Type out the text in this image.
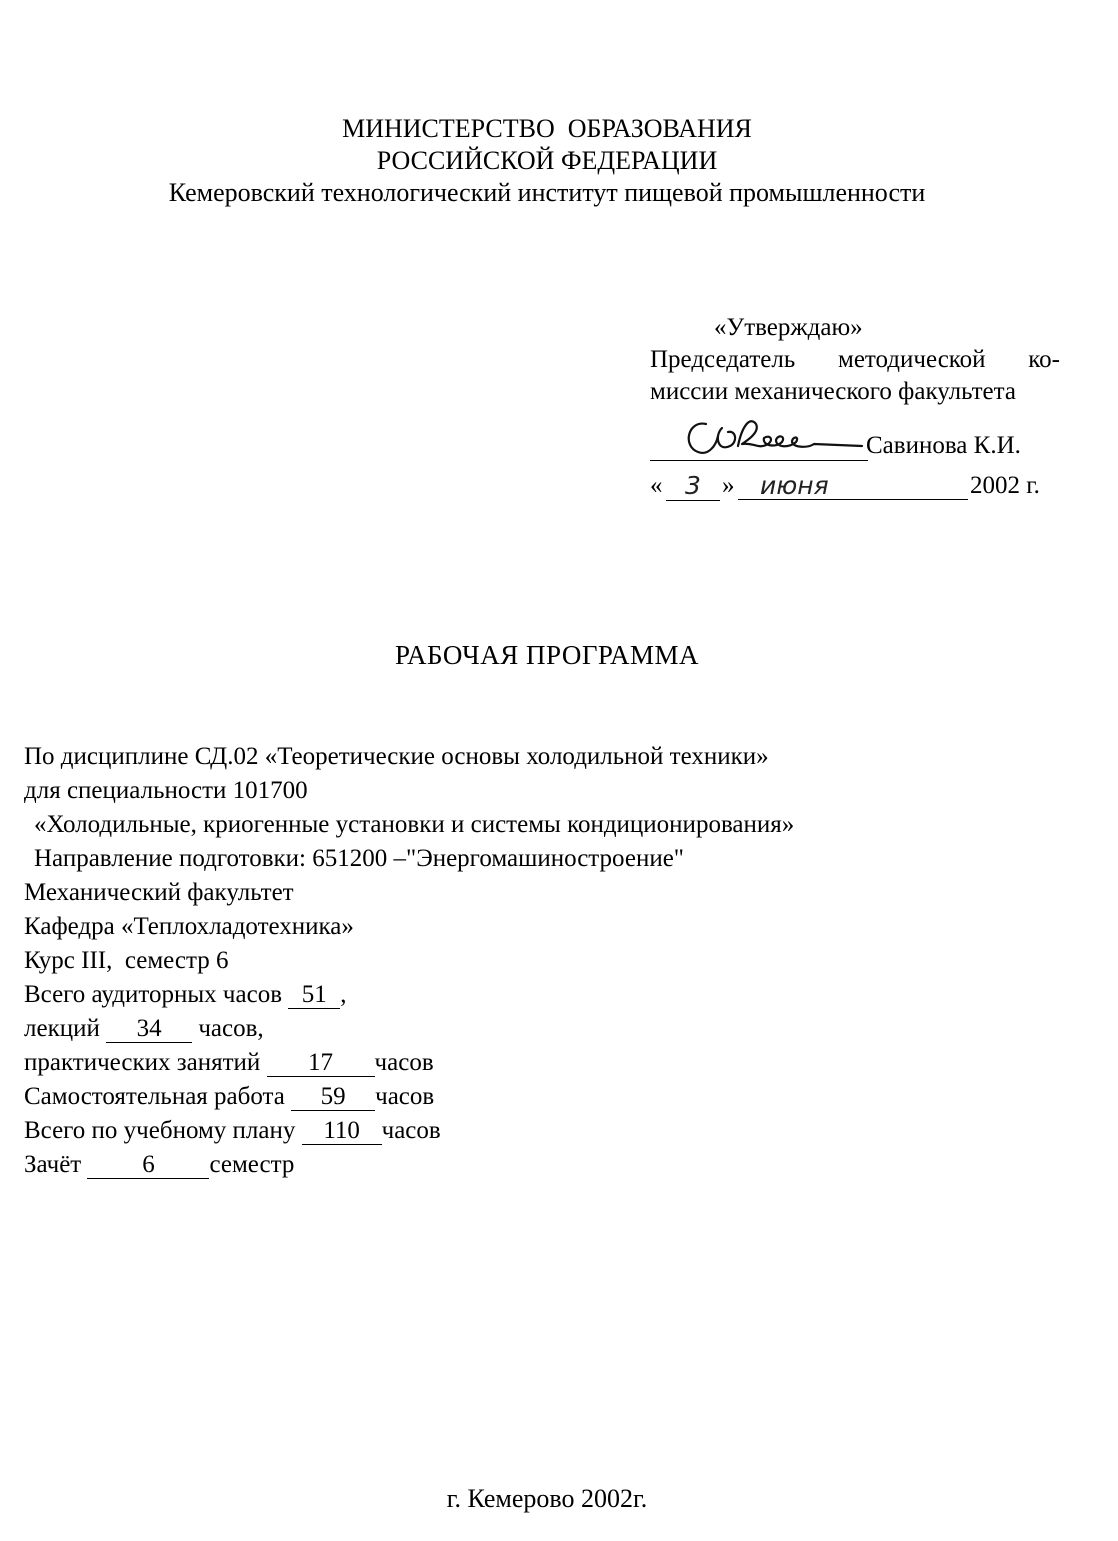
МИНИСТЕРСТВО  ОБРАЗОВАНИЯ
РОССИЙСКОЙ ФЕДЕРАЦИИ
Кемеровский технологический институт пищевой промышленности
«Утверждаю»
Председатель методической ко-
миссии механического факультета
Савинова К.И.
« 3 »	июня	2002 г.
РАБОЧАЯ ПРОГРАММА
По дисциплине СД.02 «Теоретические основы холодильной техники»
для специальности 101700
«Холодильные, криогенные установки и системы кондиционирования»
Направление подготовки: 651200 –"Энергомашиностроение"
Механический факультет
Кафедра «Теплохладотехника»
Курс III,  семестр 6
Всего аудиторных часов 51 ,
лекций 34 часов,
практических занятий 17 часов
Самостоятельная работа 59 часов
Всего по учебному плану 110 часов
Зачёт 6 семестр
г. Кемерово 2002г.
